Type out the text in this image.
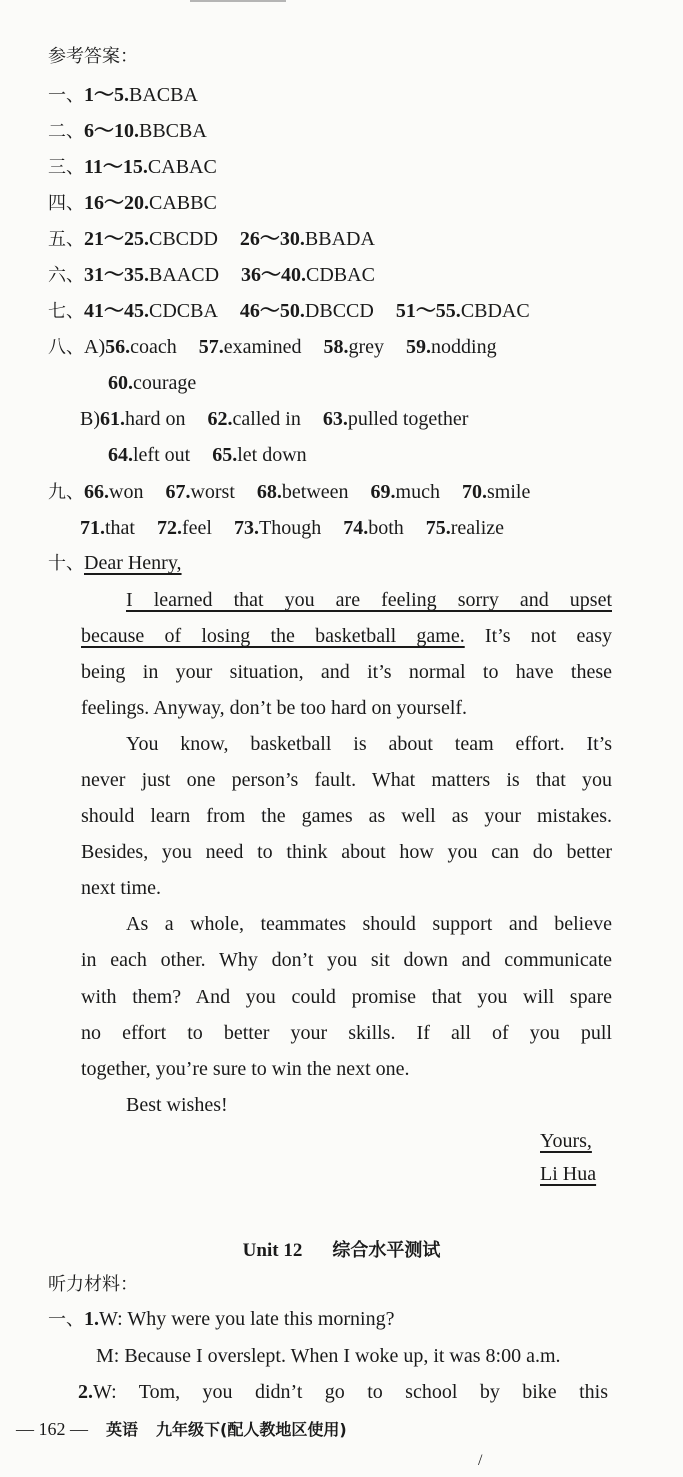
参考答案：
一、1～5.BACBA
二、6～10.BBCBA
三、11～15.CABAC
四、16～20.CABBC
五、21～25.CBCDD 26～30.BBADA
六、31～35.BAACD 36～40.CDBAC
七、41～45.CDCBA 46～50.DBCCD 51～55.CBDAC
八、A)56.coach 57.examined 58.grey 59.nodding
60.courage
B)61.hard on 62.called in 63.pulled together
64.left out 65.let down
九、66.won 67.worst 68.between 69.much 70.smile
71.that 72.feel 73.Though 74.both 75.realize
十、Dear Henry,
I learned that you are feeling sorry and upset
because of losing the basketball game. It’s not easy
being in your situation, and it’s normal to have these
feelings. Anyway, don’t be too hard on yourself.
You know, basketball is about team effort. It’s
never just one person’s fault. What matters is that you
should learn from the games as well as your mistakes.
Besides, you need to think about how you can do better
next time.
As a whole, teammates should support and believe
in each other. Why don’t you sit down and communicate
with them? And you could promise that you will spare
no effort to better your skills. If all of you pull
together, you’re sure to win the next one.
Best wishes!
Yours,
Li Hua
Unit 12 综合水平测试
听力材料：
一、1.W: Why were you late this morning?
M: Because I overslept. When I woke up, it was 8:00 a.m.
2.W: Tom, you didn’t go to school by bike this
— 162 — 英语 九年级下(配人教地区使用)
/
